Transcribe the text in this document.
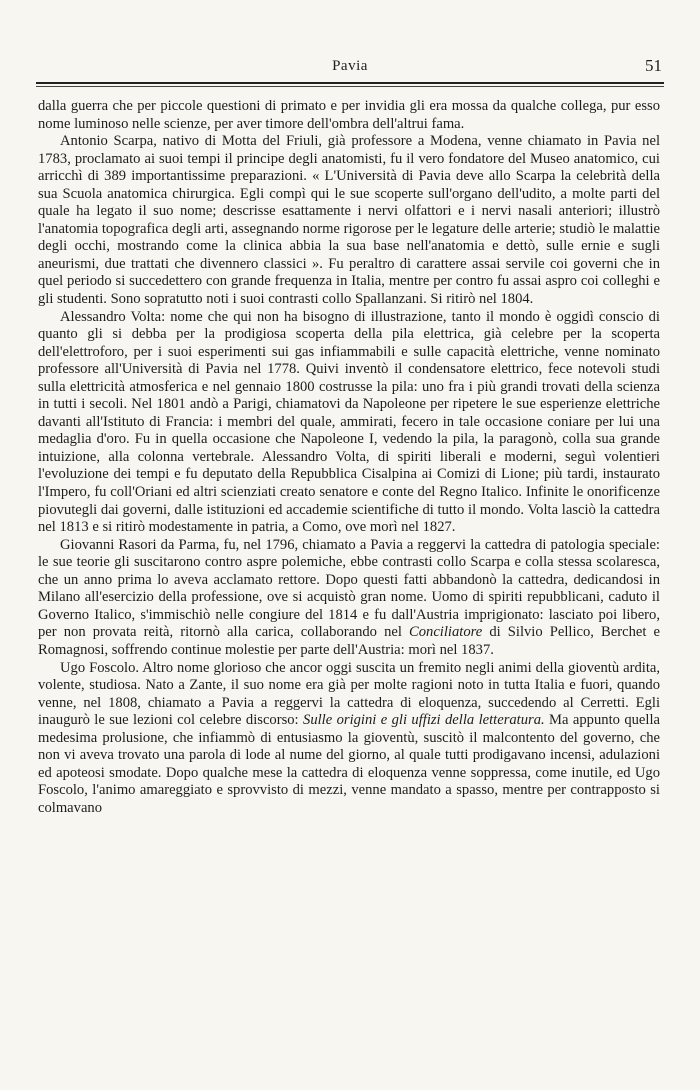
Pavia	51

dalla guerra che per piccole questioni di primato e per invidia gli era mossa da qualche collega, pur esso nome luminoso nelle scienze, per aver timore dell'ombra dell'altrui fama.

Antonio Scarpa, nativo di Motta del Friuli, già professore a Modena, venne chiamato in Pavia nel 1783, proclamato ai suoi tempi il principe degli anatomisti, fu il vero fondatore del Museo anatomico, cui arricchì di 389 importantissime preparazioni. « L'Università di Pavia deve allo Scarpa la celebrità della sua Scuola anatomica chirurgica. Egli compì qui le sue scoperte sull'organo dell'udito, a molte parti del quale ha legato il suo nome; descrisse esattamente i nervi olfattori e i nervi nasali anteriori; illustrò l'anatomia topografica degli arti, assegnando norme rigorose per le legature delle arterie; studiò le malattie degli occhi, mostrando come la clinica abbia la sua base nell'anatomia e dettò, sulle ernie e sugli aneurismi, due trattati che divennero classici ». Fu peraltro di carattere assai servile coi governi che in quel periodo si succedettero con grande frequenza in Italia, mentre per contro fu assai aspro coi colleghi e gli studenti. Sono sopratutto noti i suoi contrasti collo Spallanzani. Si ritirò nel 1804.

Alessandro Volta: nome che qui non ha bisogno di illustrazione, tanto il mondo è oggidì conscio di quanto gli si debba per la prodigiosa scoperta della pila elettrica, già celebre per la scoperta dell'elettroforo, per i suoi esperimenti sui gas infiammabili e sulle capacità elettriche, venne nominato professore all'Università di Pavia nel 1778. Quivi inventò il condensatore elettrico, fece notevoli studi sulla elettricità atmosferica e nel gennaio 1800 costrusse la pila: uno fra i più grandi trovati della scienza in tutti i secoli. Nel 1801 andò a Parigi, chiamatovi da Napoleone per ripetere le sue esperienze elettriche davanti all'Istituto di Francia: i membri del quale, ammirati, fecero in tale occasione coniare per lui una medaglia d'oro. Fu in quella occasione che Napoleone I, vedendo la pila, la paragonò, colla sua grande intuizione, alla colonna vertebrale. Alessandro Volta, di spiriti liberali e moderni, seguì volentieri l'evoluzione dei tempi e fu deputato della Repubblica Cisalpina ai Comizi di Lione; più tardi, instaurato l'Impero, fu coll'Oriani ed altri scienziati creato senatore e conte del Regno Italico. Infinite le onorificenze piovutegli dai governi, dalle istituzioni ed accademie scientifiche di tutto il mondo. Volta lasciò la cattedra nel 1813 e si ritirò modestamente in patria, a Como, ove morì nel 1827.

Giovanni Rasori da Parma, fu, nel 1796, chiamato a Pavia a reggervi la cattedra di patologia speciale: le sue teorie gli suscitarono contro aspre polemiche, ebbe contrasti collo Scarpa e colla stessa scolaresca, che un anno prima lo aveva acclamato rettore. Dopo questi fatti abbandonò la cattedra, dedicandosi in Milano all'esercizio della professione, ove si acquistò gran nome. Uomo di spiriti repubblicani, caduto il Governo Italico, s'immischiò nelle congiure del 1814 e fu dall'Austria imprigionato: lasciato poi libero, per non provata reità, ritornò alla carica, collaborando nel Conciliatore di Silvio Pellico, Berchet e Romagnosi, soffrendo continue molestie per parte dell'Austria: morì nel 1837.

Ugo Foscolo. Altro nome glorioso che ancor oggi suscita un fremito negli animi della gioventù ardita, volente, studiosa. Nato a Zante, il suo nome era già per molte ragioni noto in tutta Italia e fuori, quando venne, nel 1808, chiamato a Pavia a reggervi la cattedra di eloquenza, succedendo al Cerretti. Egli inaugurò le sue lezioni col celebre discorso: Sulle origini e gli uffizi della letteratura. Ma appunto quella medesima prolusione, che infiammò di entusiasmo la gioventù, suscitò il malcontento del governo, che non vi aveva trovato una parola di lode al nume del giorno, al quale tutti prodigavano incensi, adulazioni ed apoteosi smodate. Dopo qualche mese la cattedra di eloquenza venne soppressa, come inutile, ed Ugo Foscolo, l'animo amareggiato e sprovvisto di mezzi, venne mandato a spasso, mentre per contrapposto si colmavano
